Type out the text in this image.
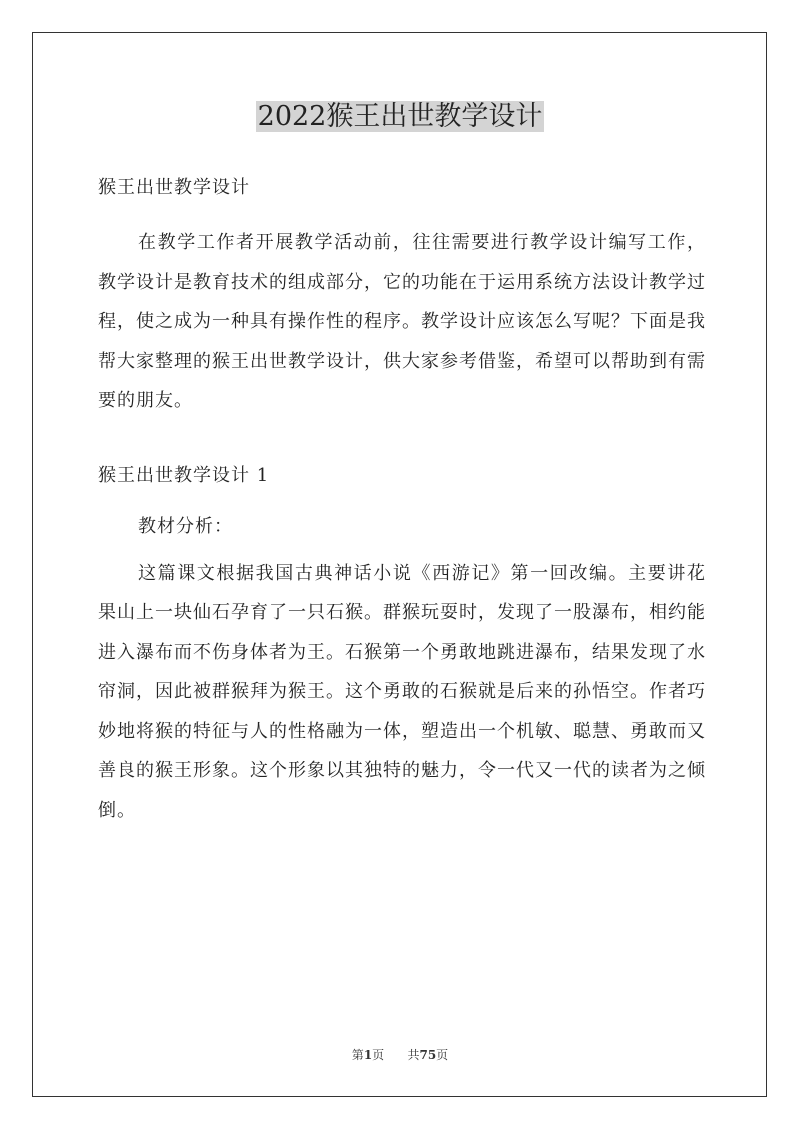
2022猴王出世教学设计

猴王出世教学设计

在教学工作者开展教学活动前，往往需要进行教学设计编写工作，教学设计是教育技术的组成部分，它的功能在于运用系统方法设计教学过程，使之成为一种具有操作性的程序。教学设计应该怎么写呢？下面是我帮大家整理的猴王出世教学设计，供大家参考借鉴，希望可以帮助到有需要的朋友。

猴王出世教学设计 1

教材分析：

这篇课文根据我国古典神话小说《西游记》第一回改编。主要讲花果山上一块仙石孕育了一只石猴。群猴玩耍时，发现了一股瀑布，相约能进入瀑布而不伤身体者为王。石猴第一个勇敢地跳进瀑布，结果发现了水帘洞，因此被群猴拜为猴王。这个勇敢的石猴就是后来的孙悟空。作者巧妙地将猴的特征与人的性格融为一体，塑造出一个机敏、聪慧、勇敢而又善良的猴王形象。这个形象以其独特的魅力，令一代又一代的读者为之倾倒。

第1页 共75页
